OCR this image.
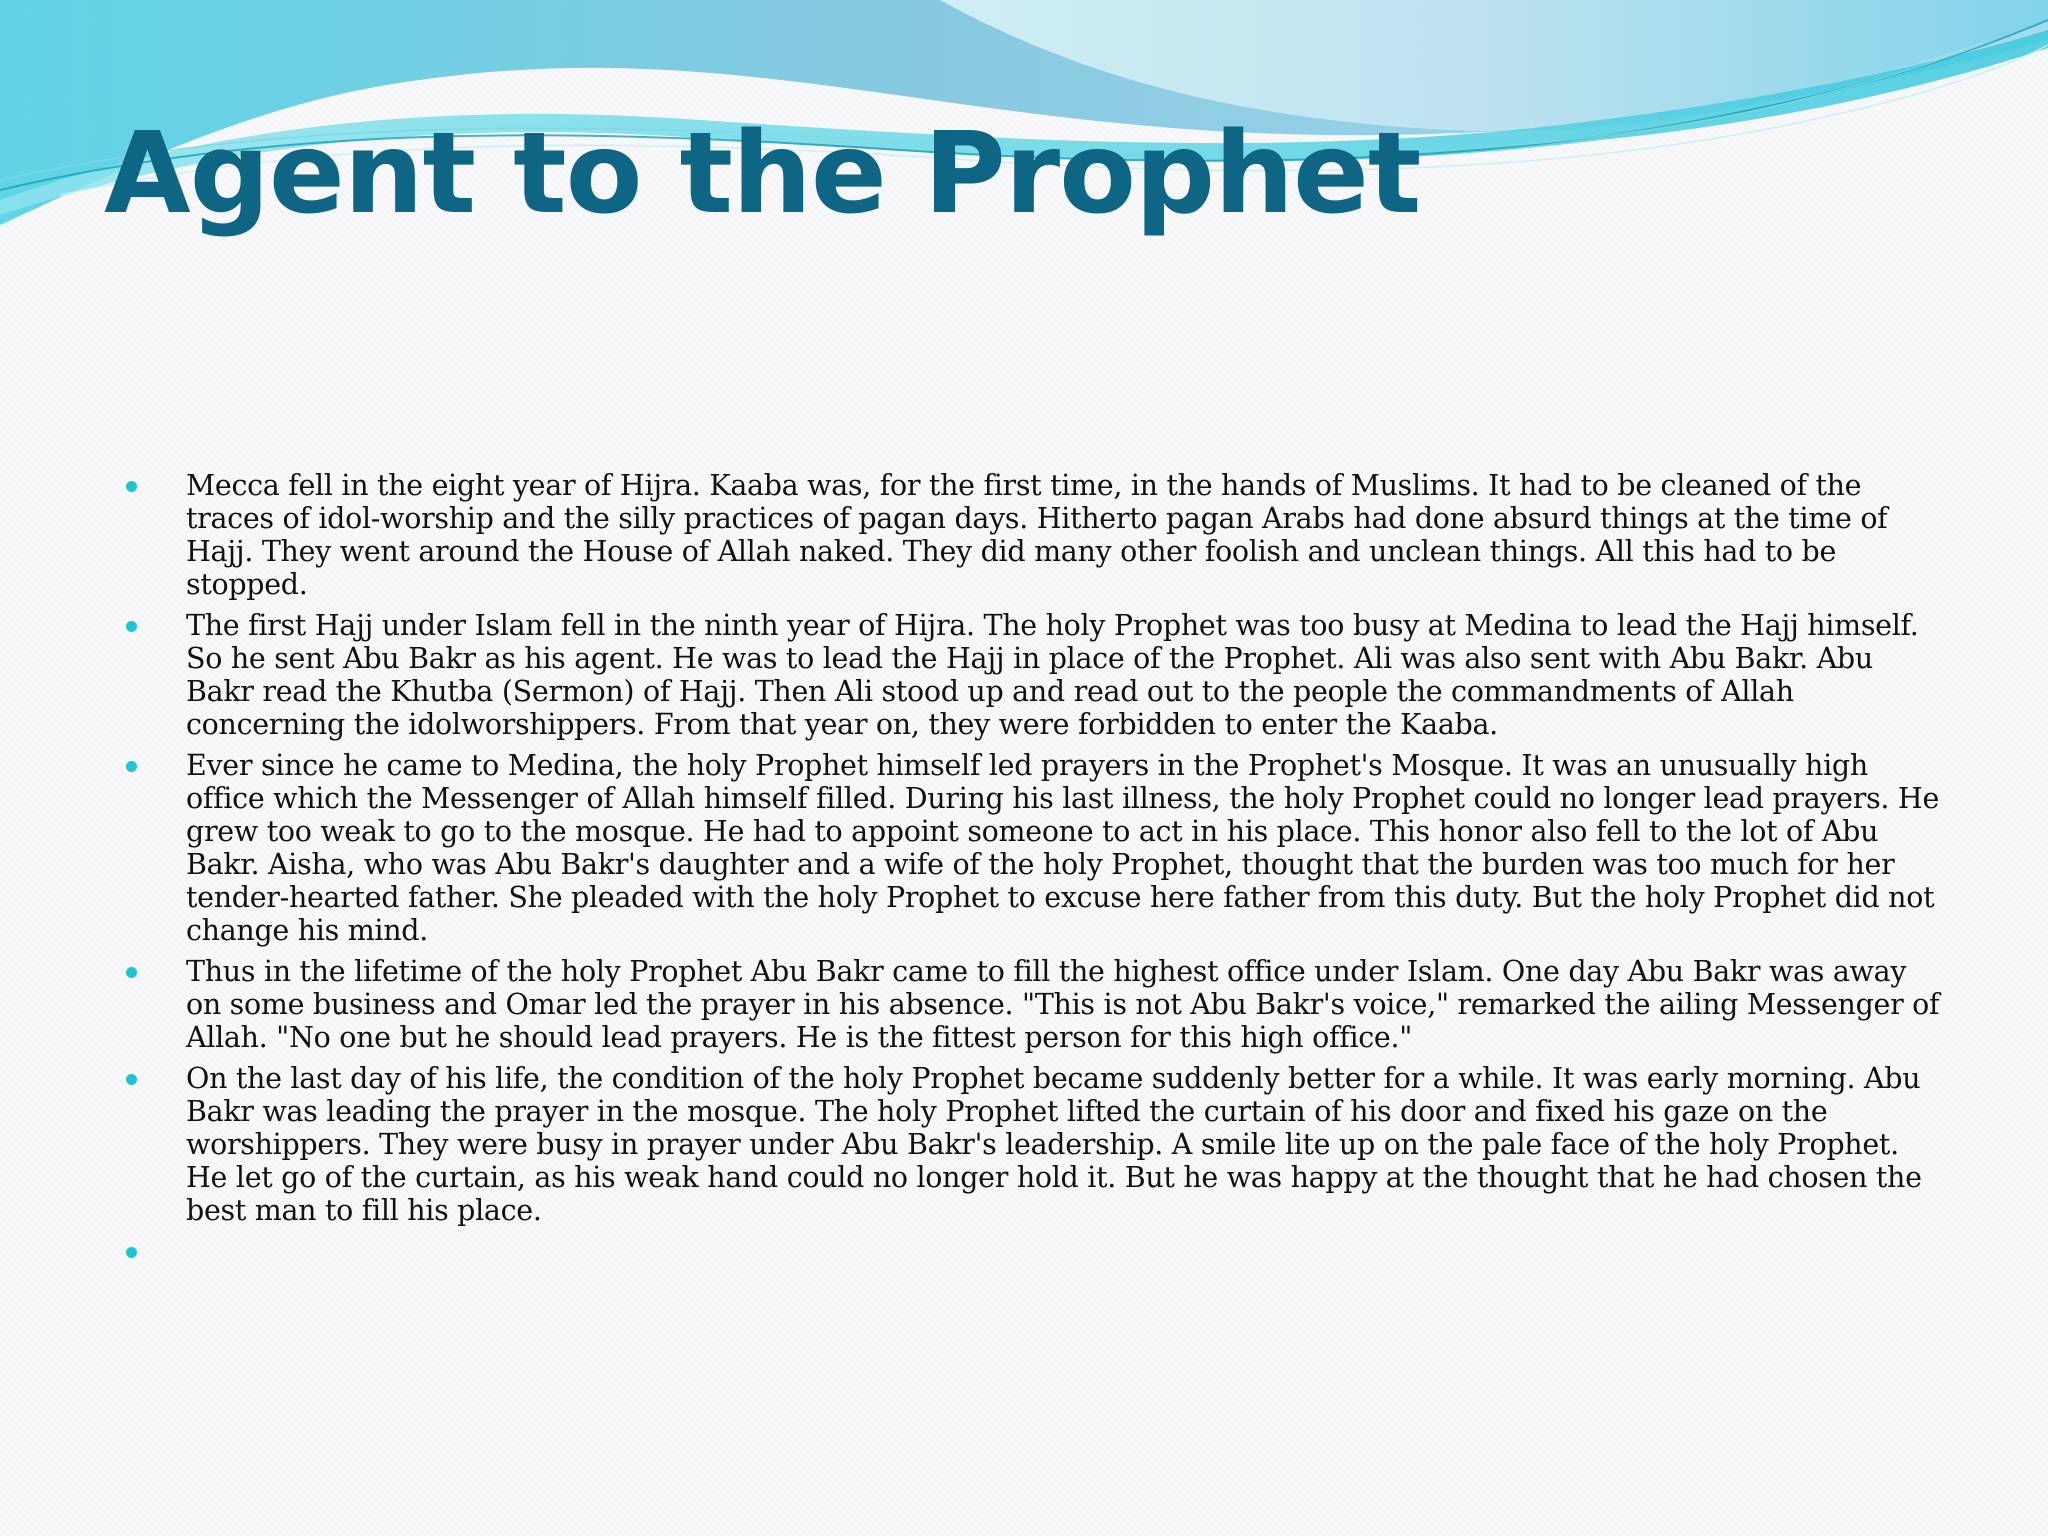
Agent to the Prophet
Mecca fell in the eight year of Hijra. Kaaba was, for the first time, in the hands of Muslims. It had to be cleaned of the traces of idol-worship and the silly practices of pagan days. Hitherto pagan Arabs had done absurd things at the time of Hajj. They went around the House of Allah naked. They did many other foolish and unclean things. All this had to be stopped.
The first Hajj under Islam fell in the ninth year of Hijra. The holy Prophet was too busy at Medina to lead the Hajj himself. So he sent Abu Bakr as his agent. He was to lead the Hajj in place of the Prophet. Ali was also sent with Abu Bakr. Abu Bakr read the Khutba (Sermon) of Hajj. Then Ali stood up and read out to the people the commandments of Allah concerning the idolworshippers. From that year on, they were forbidden to enter the Kaaba.
Ever since he came to Medina, the holy Prophet himself led prayers in the Prophet's Mosque. It was an unusually high office which the Messenger of Allah himself filled. During his last illness, the holy Prophet could no longer lead prayers. He grew too weak to go to the mosque. He had to appoint someone to act in his place. This honor also fell to the lot of Abu Bakr. Aisha, who was Abu Bakr's daughter and a wife of the holy Prophet, thought that the burden was too much for her tender-hearted father. She pleaded with the holy Prophet to excuse here father from this duty. But the holy Prophet did not change his mind.
Thus in the lifetime of the holy Prophet Abu Bakr came to fill the highest office under Islam. One day Abu Bakr was away on some business and Omar led the prayer in his absence. "This is not Abu Bakr's voice," remarked the ailing Messenger of Allah. "No one but he should lead prayers. He is the fittest person for this high office."
On the last day of his life, the condition of the holy Prophet became suddenly better for a while. It was early morning. Abu Bakr was leading the prayer in the mosque. The holy Prophet lifted the curtain of his door and fixed his gaze on the worshippers. They were busy in prayer under Abu Bakr's leadership. A smile lite up on the pale face of the holy Prophet. He let go of the curtain, as his weak hand could no longer hold it. But he was happy at the thought that he had chosen the best man to fill his place.
